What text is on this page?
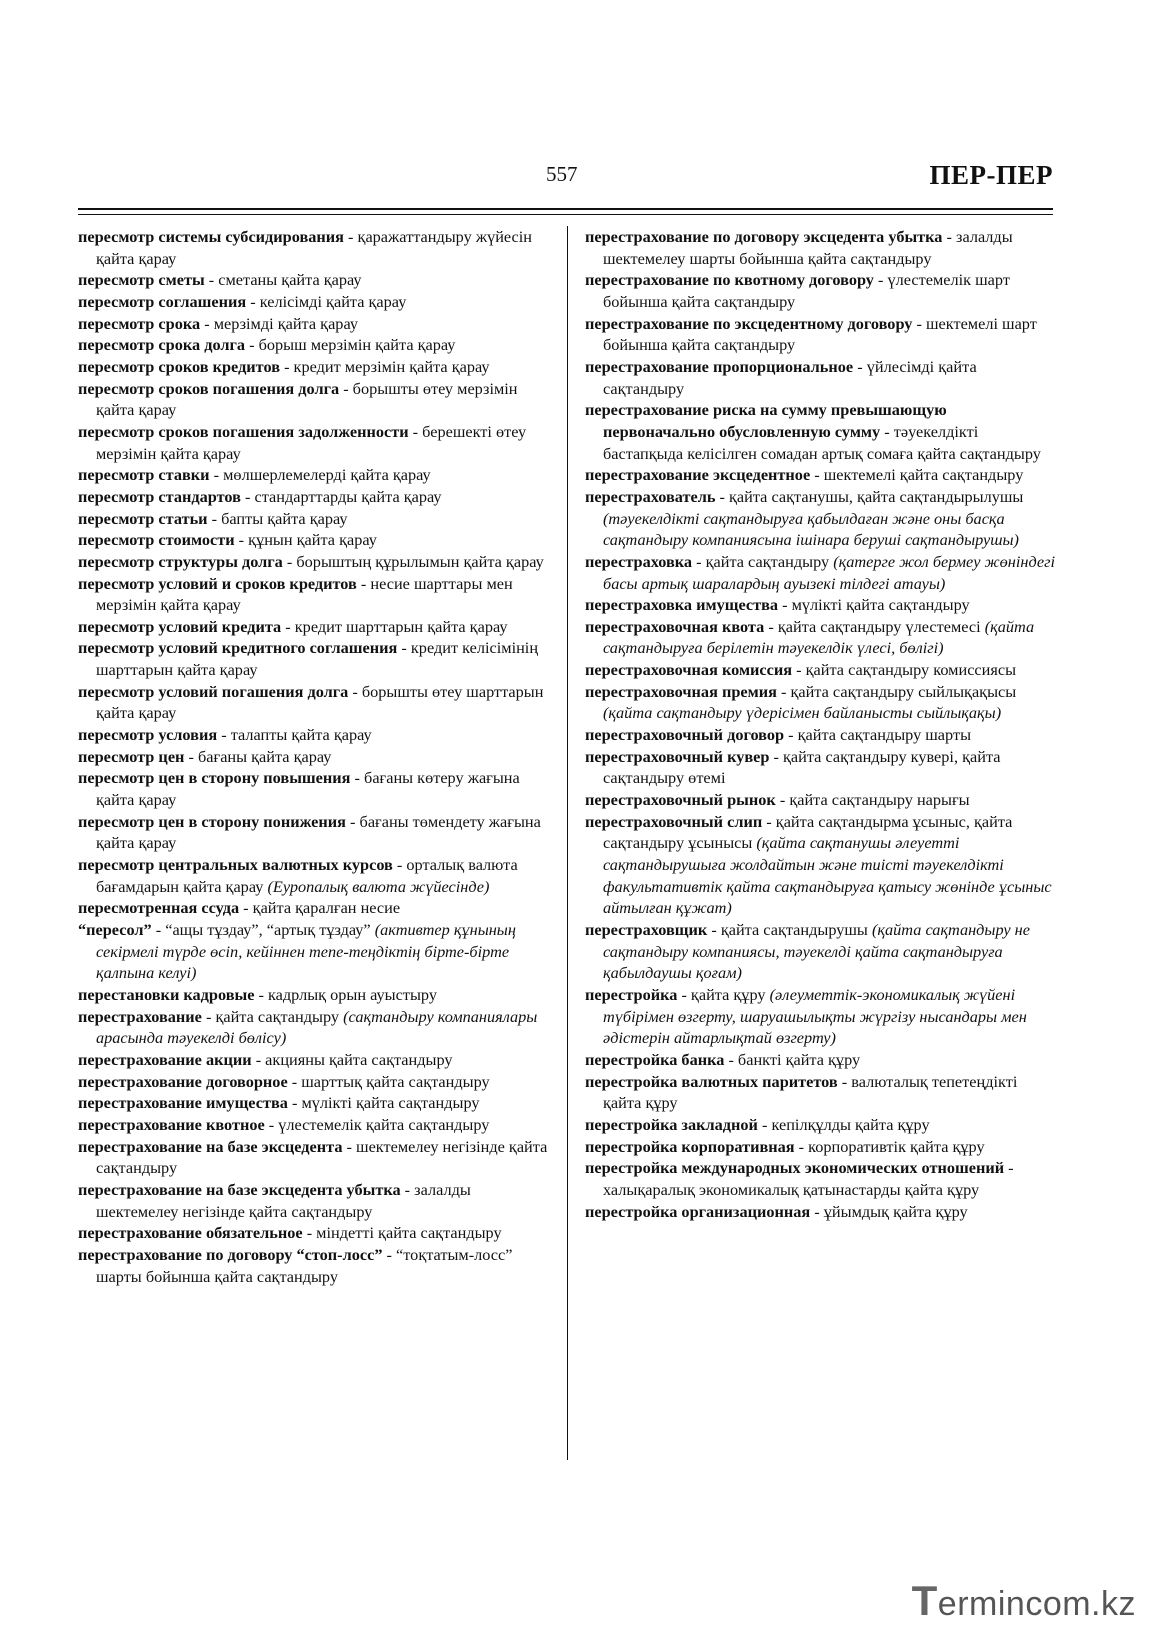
557	ПЕР-ПЕР

пересмотр системы субсидирования - қаражаттандыру жүйесін қайта қарау

пересмотр сметы - сметаны қайта қарау

пересмотр соглашения - келісімді қайта қарау

пересмотр срока - мерзімді қайта қарау

пересмотр срока долга - борыш мерзімін қайта қарау

пересмотр сроков кредитов - кредит мерзімін қайта қарау

пересмотр сроков погашения долга - борышты өтеу мерзімін қайта қарау

пересмотр сроков погашения задолженности - берешекті өтеу мерзімін қайта қарау

пересмотр ставки - мөлшерлемелерді қайта қарау

пересмотр стандартов - стандарттарды қайта қарау

пересмотр статьи - бапты қайта қарау

пересмотр стоимости - құнын қайта қарау

пересмотр структуры долга - борыштың құрылымын қайта қарау

пересмотр условий и сроков кредитов - несие шарттары мен мерзімін қайта қарау

пересмотр условий кредита - кредит шарттарын қайта қарау

пересмотр условий кредитного соглашения - кредит келісімінің шарттарын қайта қарау

пересмотр условий погашения долга - борышты өтеу шарттарын қайта қарау

пересмотр условия - талапты қайта қарау

пересмотр цен - бағаны қайта қарау

пересмотр цен в сторону повышения - бағаны көтеру жағына қайта қарау

пересмотр цен в сторону понижения - бағаны төмендету жағына қайта қарау

пересмотр центральных валютных курсов - орталық валюта бағамдарын қайта қарау (Еуропалық валюта жүйесінде)

пересмотренная ссуда - қайта қаралған несие

“пересол” - “ащы тұздау”, “артық тұздау” (активтер құнының секірмелі түрде өсіп, кейіннен тепе-теңдіктің бірте-бірте қалпына келуі)

перестановки кадровые - кадрлық орын ауыстыру

перестрахование - қайта сақтандыру (сақтандыру компаниялары арасында тәуекелді бөлісу)

перестрахование акции - акцияны қайта сақтандыру

перестрахование договорное - шарттық қайта сақтандыру

перестрахование имущества - мүлікті қайта сақтандыру

перестрахование квотное - үлестемелік қайта сақтандыру

перестрахование на базе эксцедента - шектемелеу негізінде қайта сақтандыру

перестрахование на базе эксцедента убытка - залалды шектемелеу негізінде қайта сақтандыру

перестрахование обязательное - міндетті қайта сақтандыру

перестрахование по договору “стоп-лосс” - “тоқтатым-лосс” шарты бойынша қайта сақтандыру

перестрахование по договору эксцедента убытка - залалды шектемелеу шарты бойынша қайта сақтандыру

перестрахование по квотному договору - үлестемелік шарт бойынша қайта сақтандыру

перестрахование по эксцедентному договору - шектемелі шарт бойынша қайта сақтандыру

перестрахование пропорциональное - үйлесімді қайта сақтандыру

перестрахование риска на сумму превышающую первоначально обусловленную сумму - тәуекелдікті бастапқыда келісілген сомадан артық сомаға қайта сақтандыру

перестрахование эксцедентное - шектемелі қайта сақтандыру

перестрахователь - қайта сақтанушы, қайта сақтандырылушы (тәуекелдікті сақтандыруға қабылдаған және оны басқа сақтандыру компаниясына ішінара беруші сақтандырушы)

перестраховка - қайта сақтандыру (қатерге жол бермеу жөніндегі басы артық шаралардың ауызекі тілдегі атауы)

перестраховка имущества - мүлікті қайта сақтандыру

перестраховочная квота - қайта сақтандыру үлестемесі (қайта сақтандыруға берілетін тәуекелдік үлесі, бөлігі)

перестраховочная комиссия - қайта сақтандыру комиссиясы

перестраховочная премия - қайта сақтандыру сыйлықақысы (қайта сақтандыру үдерісімен байланысты сыйлықақы)

перестраховочный договор - қайта сақтандыру шарты

перестраховочный кувер - қайта сақтандыру кувері, қайта сақтандыру өтемі

перестраховочный рынок - қайта сақтандыру нарығы

перестраховочный слип - қайта сақтандырма ұсыныс, қайта сақтандыру ұсынысы (қайта сақтанушы әлеуетті сақтандырушыға жолдайтын және тиісті тәуекелдікті факультативтік қайта сақтандыруға қатысу жөнінде ұсыныс айтылған құжат)

перестраховщик - қайта сақтандырушы (қайта сақтандыру не сақтандыру компаниясы, тәуекелді қайта сақтандыруға қабылдаушы қоғам)

перестройка - қайта құру (әлеуметтік-экономикалық жүйені түбірімен өзгерту, шаруашылықты жүргізу нысандары мен әдістерін айтарлықтай өзгерту)

перестройка банка - банкті қайта құру

перестройка валютных паритетов - валюталық тепетеңдікті қайта құру

перестройка закладной - кепілқұлды қайта құру

перестройка корпоративная - корпоративтік қайта құру

перестройка международных экономических отношений - халықаралық экономикалық қатынастарды қайта құру

перестройка организационная - ұйымдық қайта құру

Termincom.kz
